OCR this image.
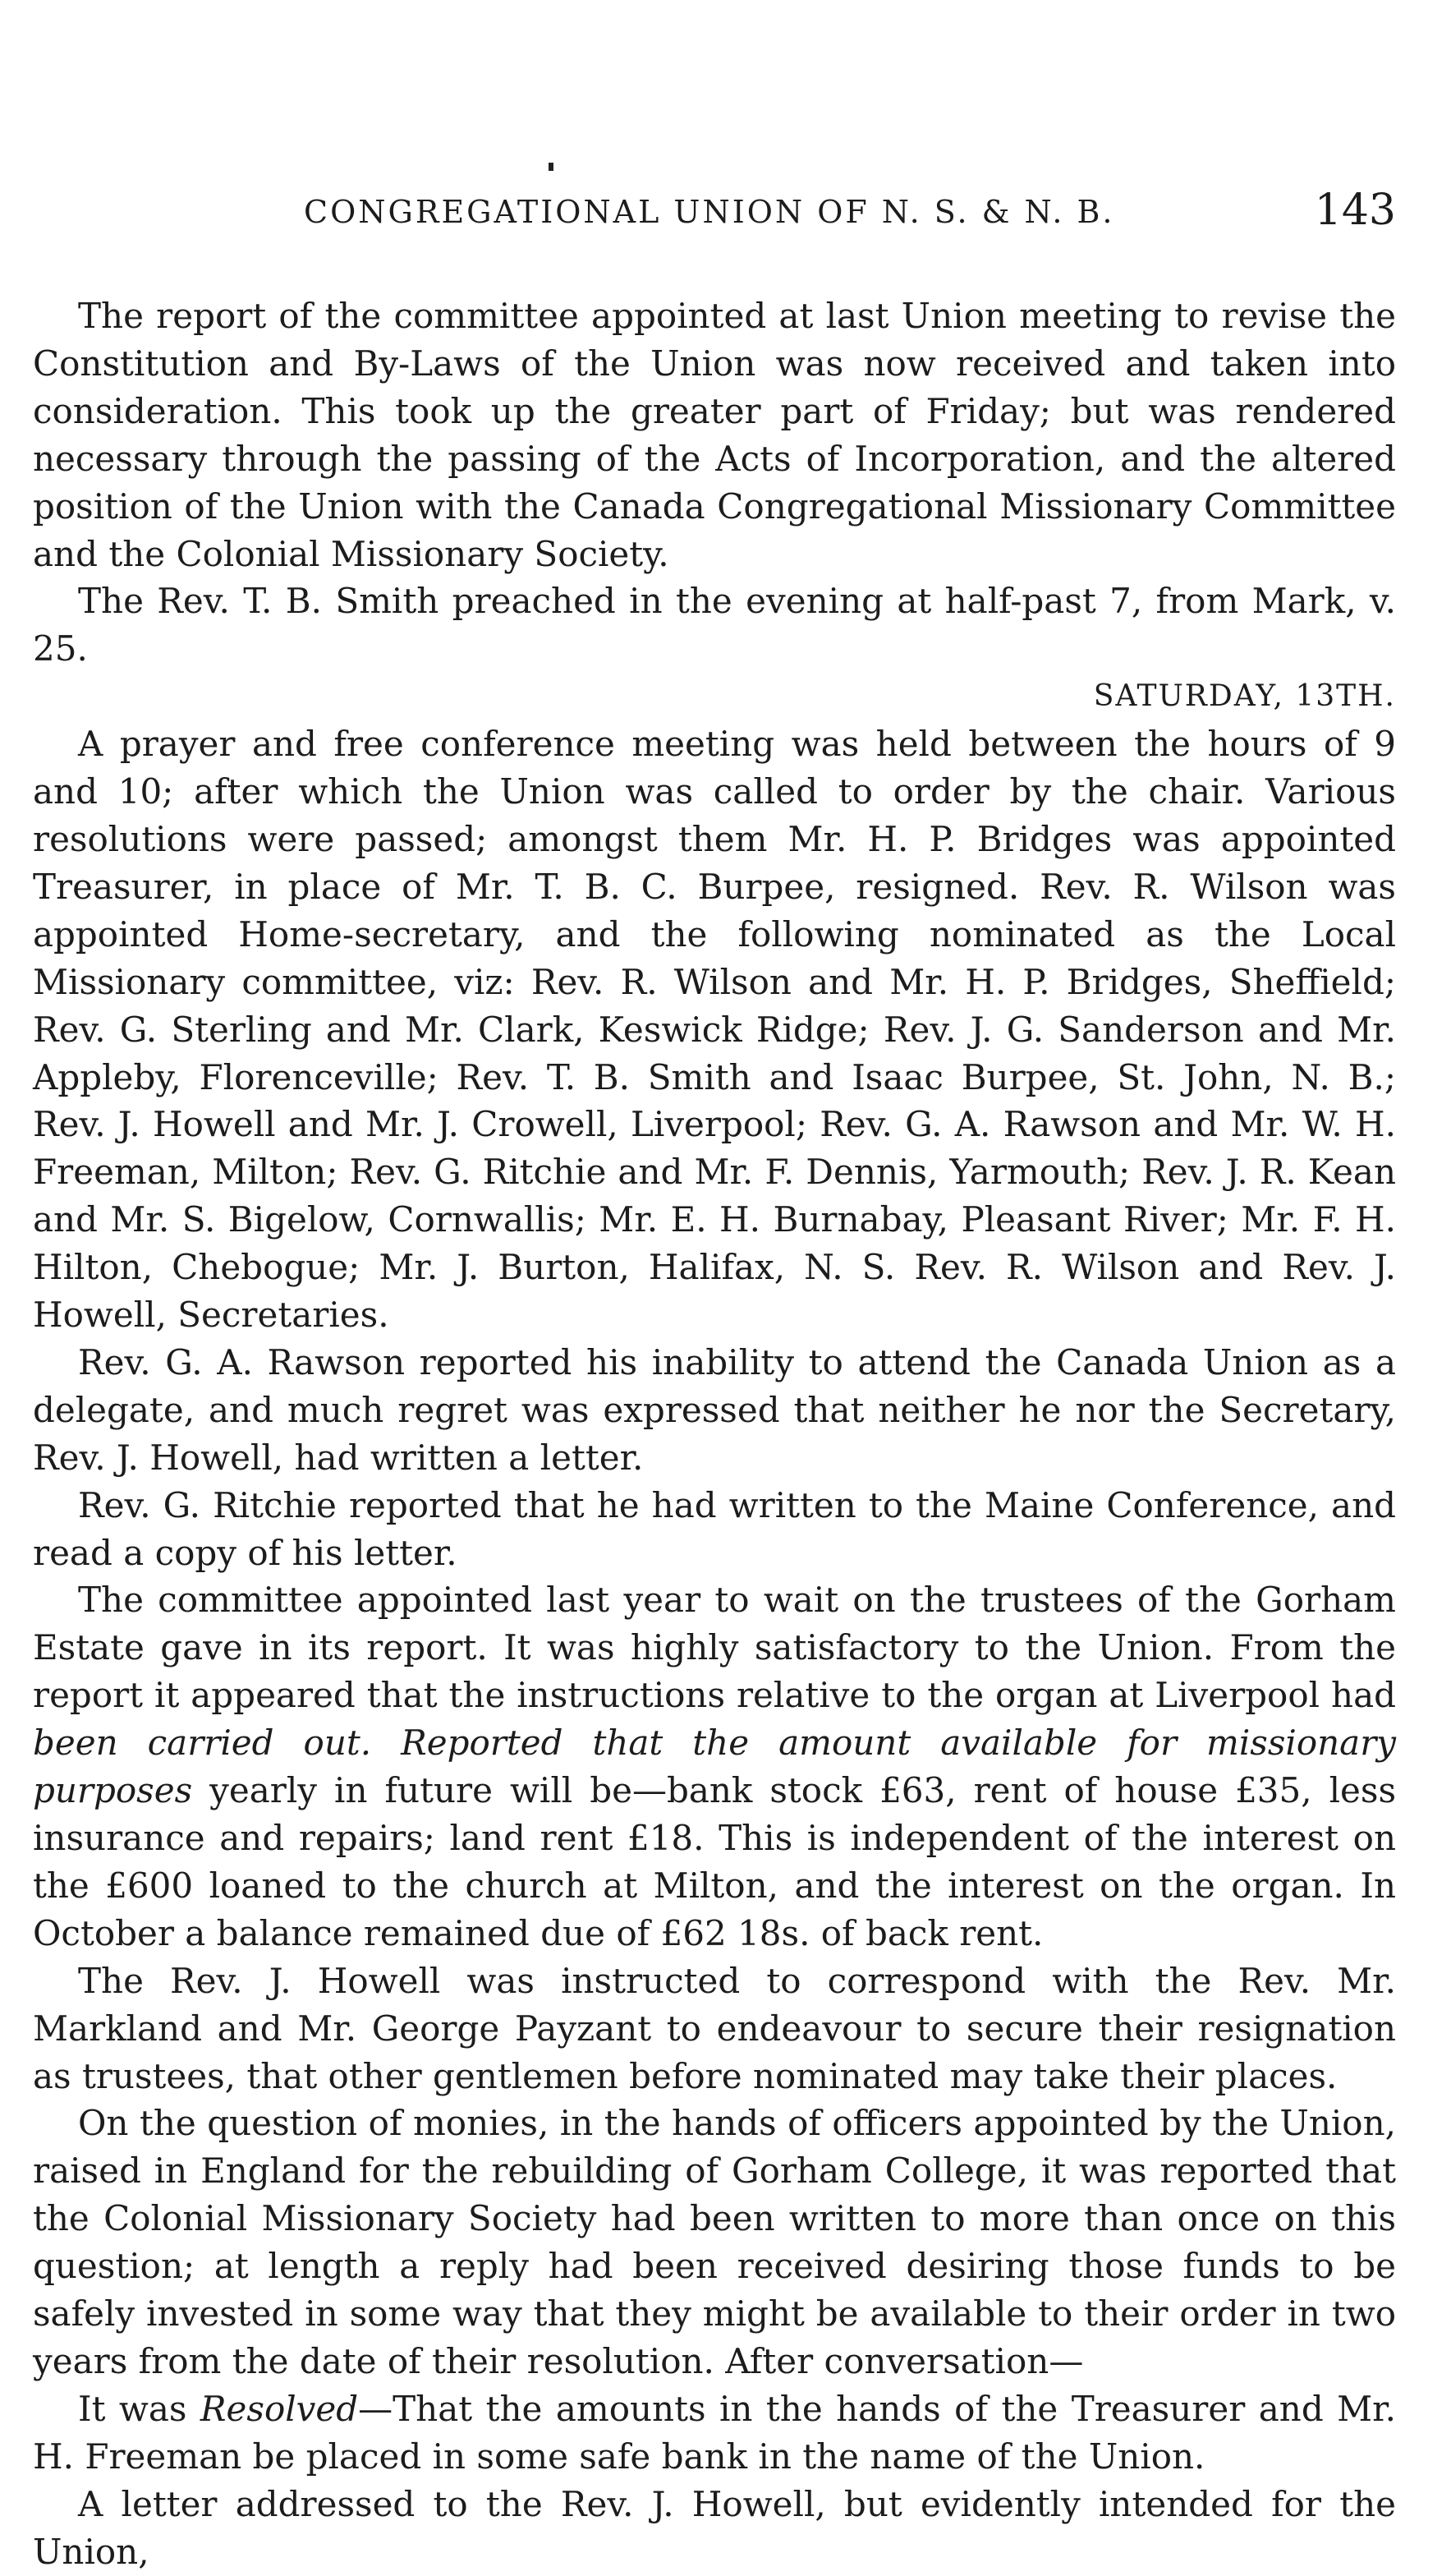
CONGREGATIONAL UNION OF N. S. & N. B.	143

The report of the committee appointed at last Union meeting to revise the Constitution and By-Laws of the Union was now received and taken into consideration. This took up the greater part of Friday; but was rendered necessary through the passing of the Acts of Incorporation, and the altered position of the Union with the Canada Congregational Missionary Committee and the Colonial Missionary Society.

The Rev. T. B. Smith preached in the evening at half-past 7, from Mark, v. 25.

SATURDAY, 13TH.

A prayer and free conference meeting was held between the hours of 9 and 10; after which the Union was called to order by the chair. Various resolutions were passed; amongst them Mr. H. P. Bridges was appointed Treasurer, in place of Mr. T. B. C. Burpee, resigned. Rev. R. Wilson was appointed Home-secretary, and the following nominated as the Local Missionary committee, viz: Rev. R. Wilson and Mr. H. P. Bridges, Sheffield; Rev. G. Sterling and Mr. Clark, Keswick Ridge; Rev. J. G. Sanderson and Mr. Appleby, Florenceville; Rev. T. B. Smith and Isaac Burpee, St. John, N. B.; Rev. J. Howell and Mr. J. Crowell, Liverpool; Rev. G. A. Rawson and Mr. W. H. Freeman, Milton; Rev. G. Ritchie and Mr. F. Dennis, Yarmouth; Rev. J. R. Kean and Mr. S. Bigelow, Cornwallis; Mr. E. H. Burnabay, Pleasant River; Mr. F. H. Hilton, Chebogue; Mr. J. Burton, Halifax, N. S. Rev. R. Wilson and Rev. J. Howell, Secretaries.

Rev. G. A. Rawson reported his inability to attend the Canada Union as a delegate, and much regret was expressed that neither he nor the Secretary, Rev. J. Howell, had written a letter.

Rev. G. Ritchie reported that he had written to the Maine Conference, and read a copy of his letter.

The committee appointed last year to wait on the trustees of the Gorham Estate gave in its report. It was highly satisfactory to the Union. From the report it appeared that the instructions relative to the organ at Liverpool had been carried out. Reported that the amount available for missionary purposes yearly in future will be—bank stock £63, rent of house £35, less insurance and repairs; land rent £18. This is independent of the interest on the £600 loaned to the church at Milton, and the interest on the organ. In October a balance remained due of £62 18s. of back rent.

The Rev. J. Howell was instructed to correspond with the Rev. Mr. Markland and Mr. George Payzant to endeavour to secure their resignation as trustees, that other gentlemen before nominated may take their places.

On the question of monies, in the hands of officers appointed by the Union, raised in England for the rebuilding of Gorham College, it was reported that the Colonial Missionary Society had been written to more than once on this question; at length a reply had been received desiring those funds to be safely invested in some way that they might be available to their order in two years from the date of their resolution. After conversation—

It was Resolved—That the amounts in the hands of the Treasurer and Mr. H. Freeman be placed in some safe bank in the name of the Union.

A letter addressed to the Rev. J. Howell, but evidently intended for the Union,
